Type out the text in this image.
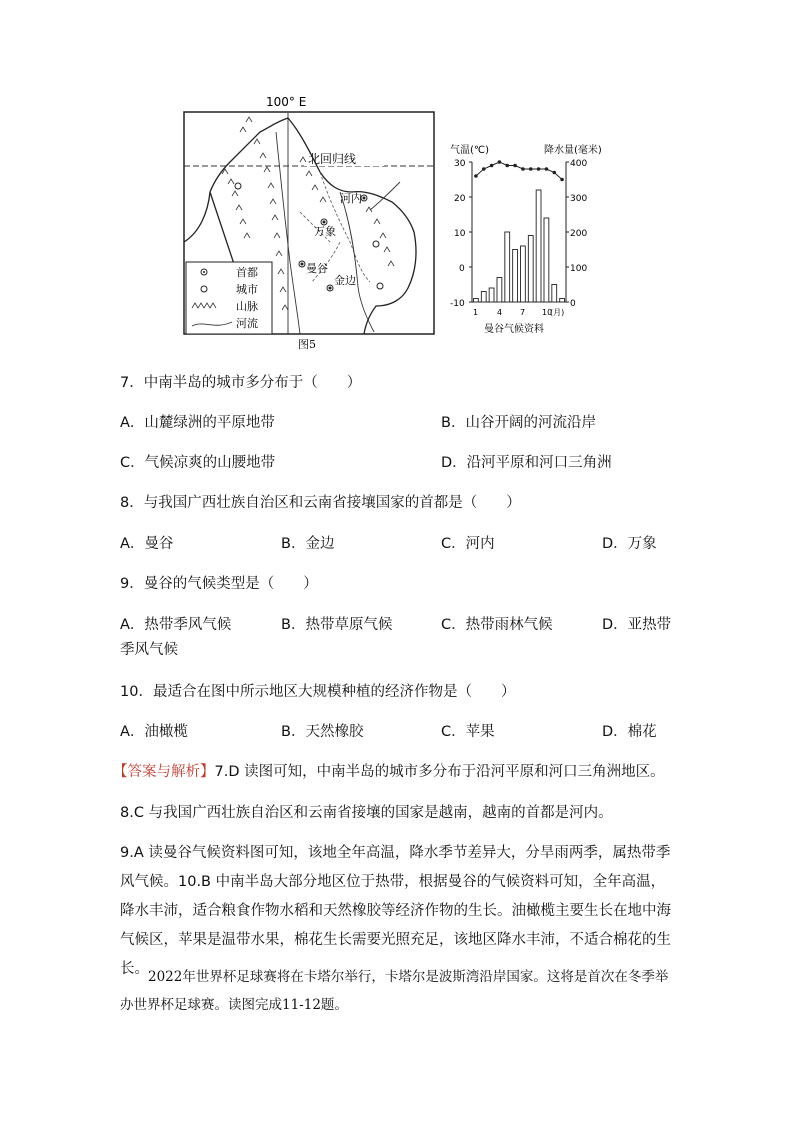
100° E
北回归线
河内
万象
曼谷
金边
首都
城市
山脉
河流
图5
气温(℃)	降水量(毫米)
30
20
10
0
-10
400
300
200
100
0
1 4 7 10
(月)
曼谷气候资料
7．中南半岛的城市多分布于（　　）
A．山麓绿洲的平原地带	B．山谷开阔的河流沿岸
C．气候凉爽的山腰地带	D．沿河平原和河口三角洲
8．与我国广西壮族自治区和云南省接壤国家的首都是（　　）
A．曼谷	B．金边	C．河内	D．万象
9．曼谷的气候类型是（　　）
A．热带季风气候	B．热带草原气候	C．热带雨林气候	D．亚热带
季风气候
10．最适合在图中所示地区大规模种植的经济作物是（　　）
A．油橄榄	B．天然橡胶	C．苹果	D．棉花
【答案与解析】7.D 读图可知，中南半岛的城市多分布于沿河平原和河口三角洲地区。
8.C 与我国广西壮族自治区和云南省接壤的国家是越南，越南的首都是河内。
9.A 读曼谷气候资料图可知，该地全年高温，降水季节差异大，分旱雨两季，属热带季风气候。10.B 中南半岛大部分地区位于热带，根据曼谷的气候资料可知，全年高温，降水丰沛，适合粮食作物水稻和天然橡胶等经济作物的生长。油橄榄主要生长在地中海气候区，苹果是温带水果，棉花生长需要光照充足，该地区降水丰沛，不适合棉花的生长。 2022年世界杯足球赛将在卡塔尔举行，卡塔尔是波斯湾沿岸国家。这将是首次在冬季举办世界杯足球赛。读图完成11-12题。
